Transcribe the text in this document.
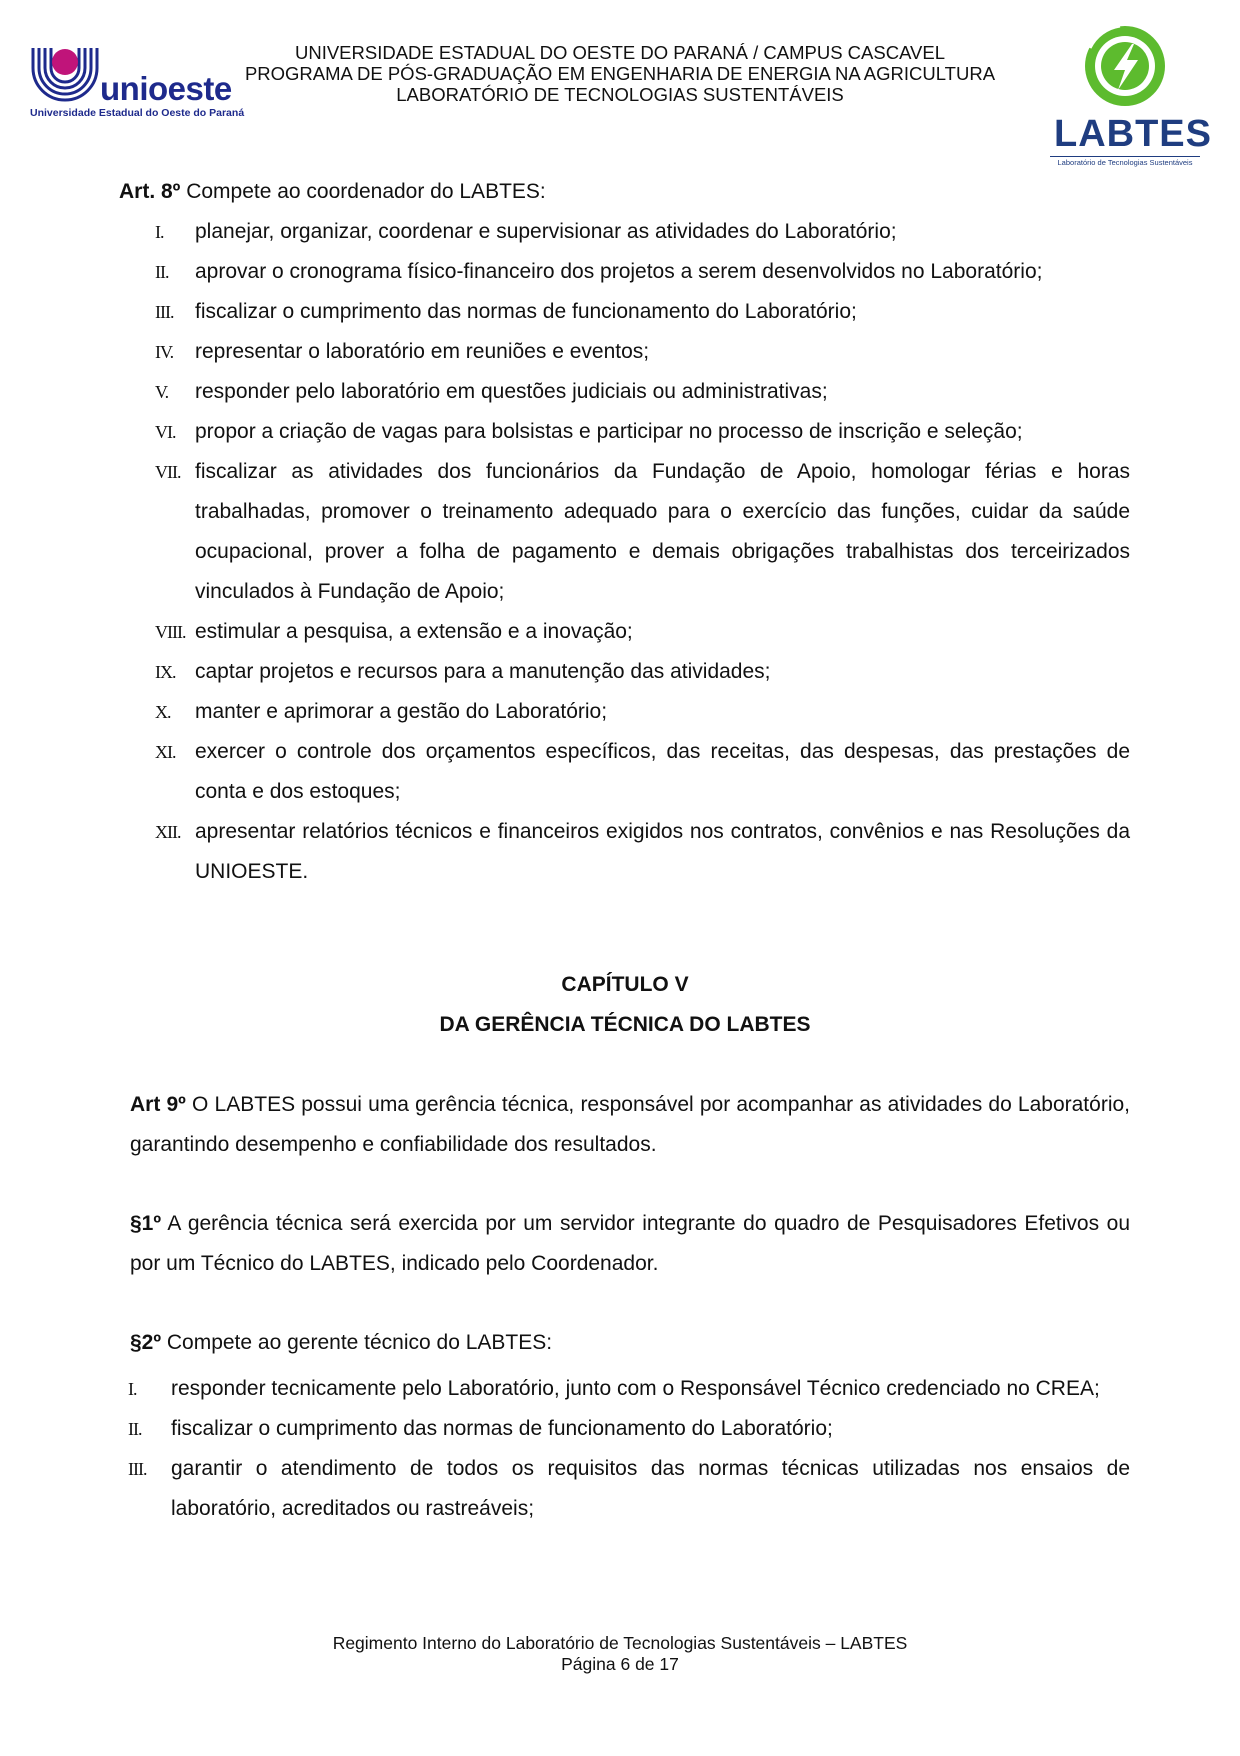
unioeste
Universidade Estadual do Oeste do Paraná
UNIVERSIDADE ESTADUAL DO OESTE DO PARANÁ / CAMPUS CASCAVEL
PROGRAMA DE PÓS-GRADUAÇÃO EM ENGENHARIA DE ENERGIA NA AGRICULTURA
LABORATÓRIO DE TECNOLOGIAS SUSTENTÁVEIS
LABTES
Laboratório de Tecnologias Sustentáveis
Art. 8º Compete ao coordenador do LABTES:
I. planejar, organizar, coordenar e supervisionar as atividades do Laboratório;
II. aprovar o cronograma físico-financeiro dos projetos a serem desenvolvidos no Laboratório;
III. fiscalizar o cumprimento das normas de funcionamento do Laboratório;
IV. representar o laboratório em reuniões e eventos;
V. responder pelo laboratório em questões judiciais ou administrativas;
VI. propor a criação de vagas para bolsistas e participar no processo de inscrição e seleção;
VII. fiscalizar as atividades dos funcionários da Fundação de Apoio, homologar férias e horas trabalhadas, promover o treinamento adequado para o exercício das funções, cuidar da saúde ocupacional, prover a folha de pagamento e demais obrigações trabalhistas dos terceirizados vinculados à Fundação de Apoio;
VIII. estimular a pesquisa, a extensão e a inovação;
IX. captar projetos e recursos para a manutenção das atividades;
X. manter e aprimorar a gestão do Laboratório;
XI. exercer o controle dos orçamentos específicos, das receitas, das despesas, das prestações de conta e dos estoques;
XII. apresentar relatórios técnicos e financeiros exigidos nos contratos, convênios e nas Resoluções da UNIOESTE.
CAPÍTULO V
DA GERÊNCIA TÉCNICA DO LABTES
Art 9º O LABTES possui uma gerência técnica, responsável por acompanhar as atividades do Laboratório, garantindo desempenho e confiabilidade dos resultados.
§1º A gerência técnica será exercida por um servidor integrante do quadro de Pesquisadores Efetivos ou por um Técnico do LABTES, indicado pelo Coordenador.
§2º Compete ao gerente técnico do LABTES:
I. responder tecnicamente pelo Laboratório, junto com o Responsável Técnico credenciado no CREA;
II. fiscalizar o cumprimento das normas de funcionamento do Laboratório;
III. garantir o atendimento de todos os requisitos das normas técnicas utilizadas nos ensaios de laboratório, acreditados ou rastreáveis;
Regimento Interno do Laboratório de Tecnologias Sustentáveis – LABTES
Página 6 de 17
